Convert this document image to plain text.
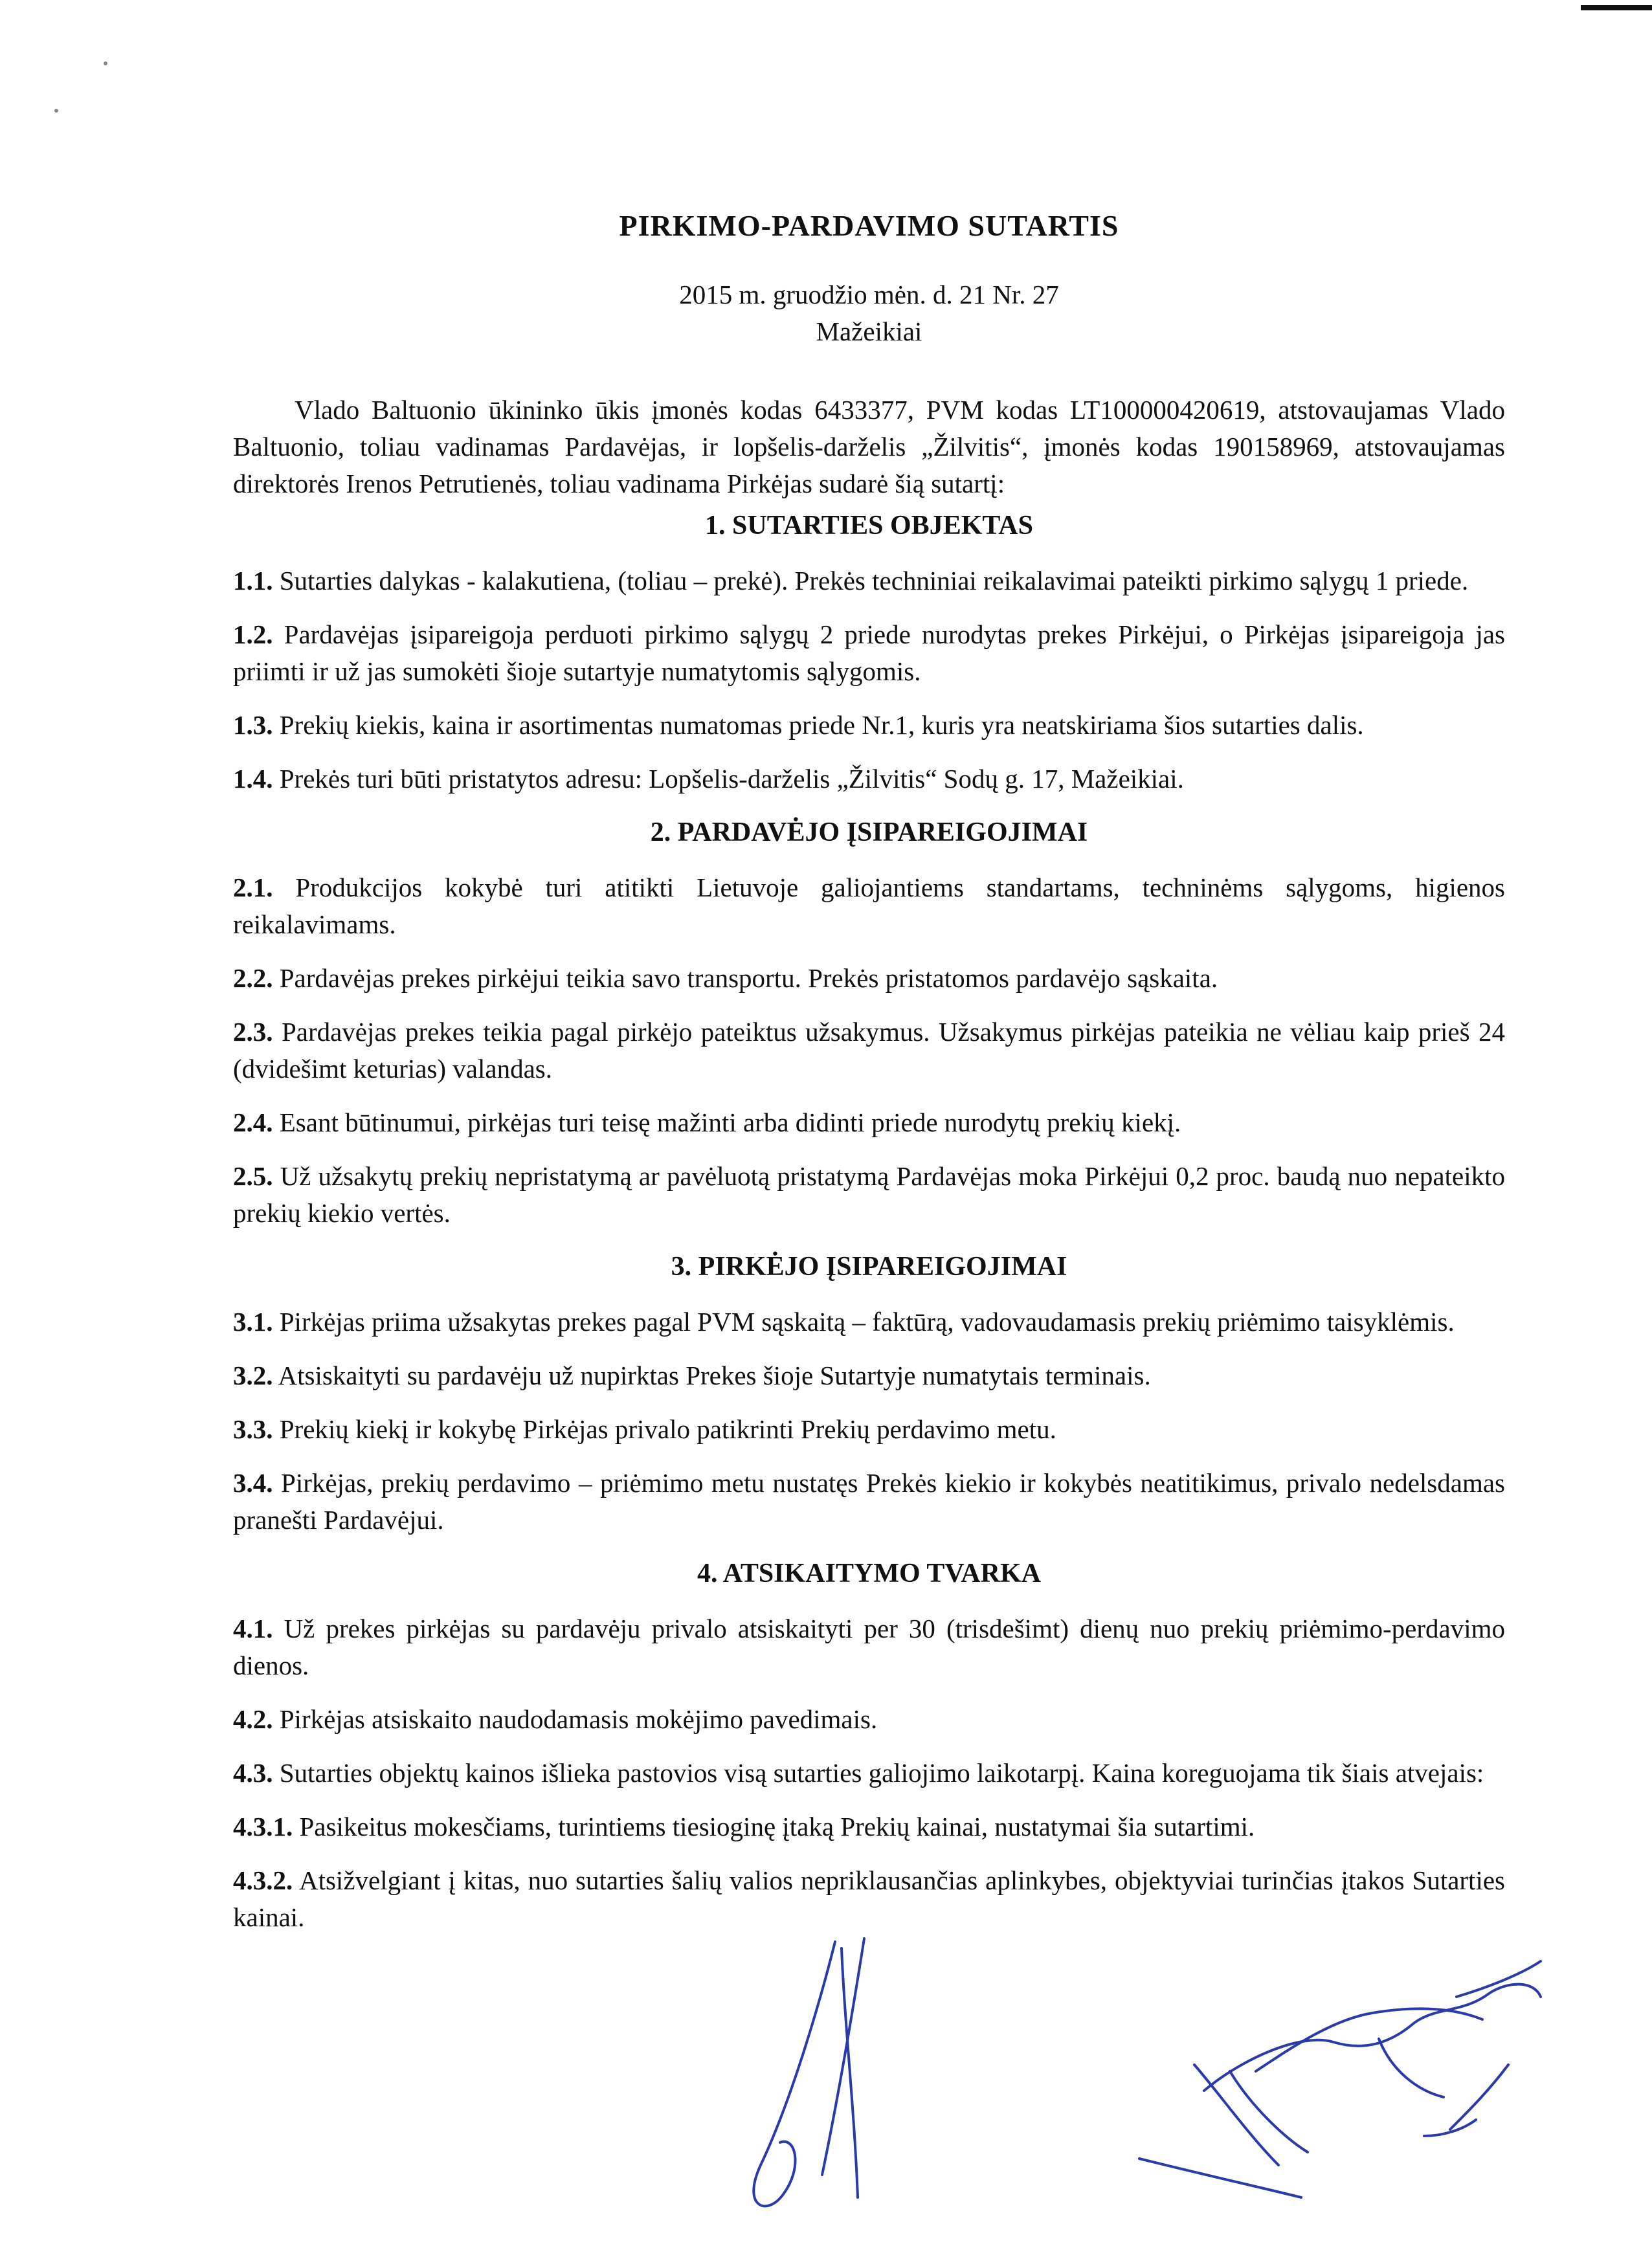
PIRKIMO-PARDAVIMO SUTARTIS
2015 m. gruodžio mėn. d. 21 Nr. 27
Mažeikiai
Vlado Baltuonio ūkininko ūkis įmonės kodas 6433377, PVM kodas LT100000420619, atstovaujamas Vlado Baltuonio, toliau vadinamas Pardavėjas, ir lopšelis-darželis „Žilvitis“, įmonės kodas 190158969, atstovaujamas direktorės Irenos Petrutienės, toliau vadinama Pirkėjas sudarė šią sutartį:
1. SUTARTIES OBJEKTAS
1.1. Sutarties dalykas - kalakutiena, (toliau – prekė). Prekės techniniai reikalavimai pateikti pirkimo sąlygų 1 priede.
1.2. Pardavėjas įsipareigoja perduoti pirkimo sąlygų 2 priede nurodytas prekes Pirkėjui, o Pirkėjas įsipareigoja jas priimti ir už jas sumokėti šioje sutartyje numatytomis sąlygomis.
1.3. Prekių kiekis, kaina ir asortimentas numatomas priede Nr.1, kuris yra neatskiriama šios sutarties dalis.
1.4. Prekės turi būti pristatytos adresu: Lopšelis-darželis „Žilvitis“ Sodų g. 17, Mažeikiai.
2. PARDAVĖJO ĮSIPAREIGOJIMAI
2.1. Produkcijos kokybė turi atitikti Lietuvoje galiojantiems standartams, techninėms sąlygoms, higienos reikalavimams.
2.2. Pardavėjas prekes pirkėjui teikia savo transportu. Prekės pristatomos pardavėjo sąskaita.
2.3. Pardavėjas prekes teikia pagal pirkėjo pateiktus užsakymus. Užsakymus pirkėjas pateikia ne vėliau kaip prieš 24 (dvidešimt keturias) valandas.
2.4. Esant būtinumui, pirkėjas turi teisę mažinti arba didinti priede nurodytų prekių kiekį.
2.5. Už užsakytų prekių nepristatymą ar pavėluotą pristatymą Pardavėjas moka Pirkėjui 0,2 proc. baudą nuo nepateikto prekių kiekio vertės.
3. PIRKĖJO ĮSIPAREIGOJIMAI
3.1. Pirkėjas priima užsakytas prekes pagal PVM sąskaitą – faktūrą, vadovaudamasis prekių priėmimo taisyklėmis.
3.2. Atsiskaityti su pardavėju už nupirktas Prekes šioje Sutartyje numatytais terminais.
3.3. Prekių kiekį ir kokybę Pirkėjas privalo patikrinti Prekių perdavimo metu.
3.4. Pirkėjas, prekių perdavimo – priėmimo metu nustatęs Prekės kiekio ir kokybės neatitikimus, privalo nedelsdamas pranešti Pardavėjui.
4. ATSIKAITYMO TVARKA
4.1. Už prekes pirkėjas su pardavėju privalo atsiskaityti per 30 (trisdešimt) dienų nuo prekių priėmimo-perdavimo dienos.
4.2. Pirkėjas atsiskaito naudodamasis mokėjimo pavedimais.
4.3. Sutarties objektų kainos išlieka pastovios visą sutarties galiojimo laikotarpį. Kaina koreguojama tik šiais atvejais:
4.3.1. Pasikeitus mokesčiams, turintiems tiesioginę įtaką Prekių kainai, nustatymai šia sutartimi.
4.3.2. Atsižvelgiant į kitas, nuo sutarties šalių valios nepriklausančias aplinkybes, objektyviai turinčias įtakos Sutarties kainai.
